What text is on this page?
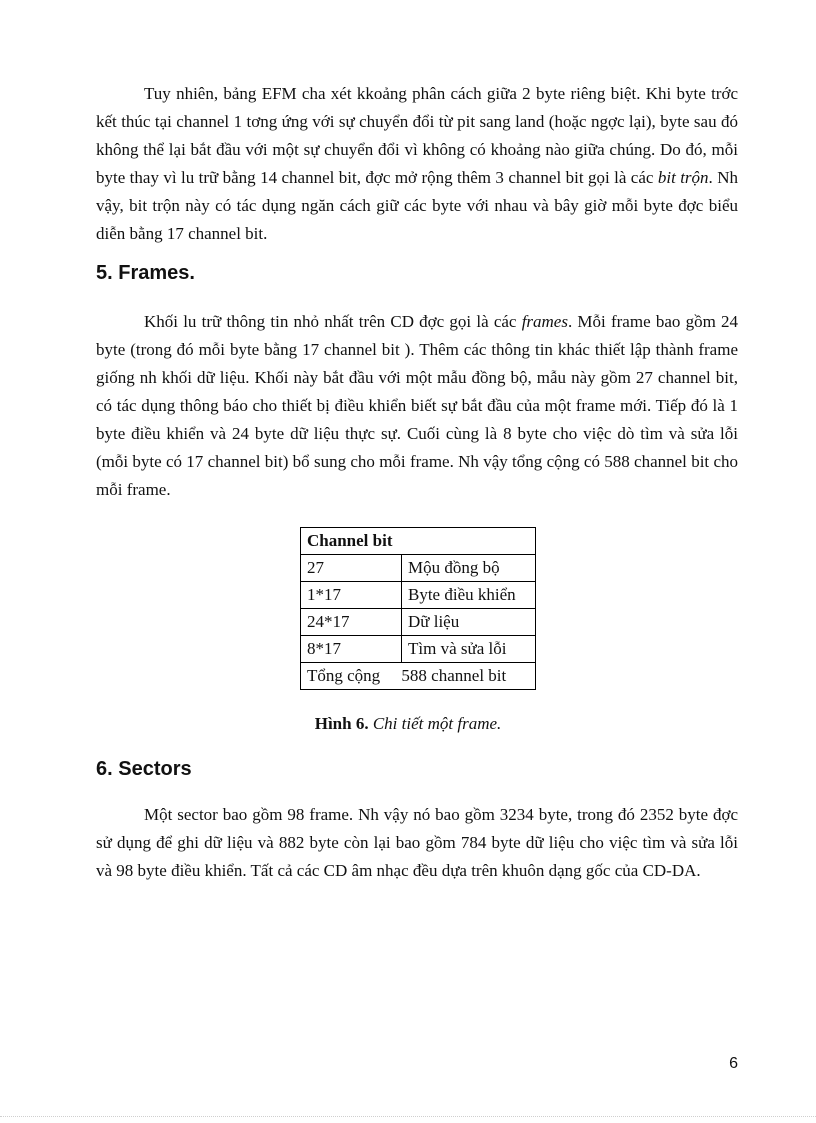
Tuy nhiên, bảng EFM cha xét kkoảng phân cách giữa 2 byte riêng biệt. Khi byte trớc kết thúc tại channel 1 tơng ứng với sự chuyển đổi từ pit sang land (hoặc ngợc lại), byte sau đó không thể lại bắt đầu với một sự chuyển đổi vì không có khoảng nào giữa chúng. Do đó, mỗi byte thay vì lu trữ bằng 14 channel bit, đợc mở rộng thêm 3 channel bit gọi là các bit trộn. Nh vậy, bit trộn này có tác dụng ngăn cách giữ các byte với nhau và bây giờ mỗi byte đợc biểu diễn bằng 17 channel bit.

5. Frames.

Khối lu trữ thông tin nhỏ nhất trên CD đợc gọi là các frames. Mỗi frame bao gồm 24 byte (trong đó mỗi byte bằng 17 channel bit ). Thêm các thông tin khác thiết lập thành frame giống nh khối dữ liệu. Khối này bắt đầu với một mẫu đồng bộ, mẫu này gồm 27 channel bit, có tác dụng thông báo cho thiết bị điều khiển biết sự bắt đầu của một frame mới. Tiếp đó là 1 byte điều khiển và 24 byte dữ liệu thực sự. Cuối cùng là 8 byte cho việc dò tìm và sửa lỗi (mỗi byte có 17 channel bit) bổ sung cho mỗi frame. Nh vậy tổng cộng có 588 channel bit cho mỗi frame.

Channel bit	
27	Mộu đồng bộ
1*17	Byte điều khiển
24*17	Dữ liệu
8*17	Tìm và sửa lỗi
Tổng cộng     588 channel bit	

Hình 6. Chi tiết một frame.

6. Sectors

Một sector bao gồm 98 frame. Nh vậy nó bao gồm 3234 byte, trong đó 2352 byte đợc sử dụng để ghi dữ liệu và 882 byte còn lại bao gồm 784 byte dữ liệu cho việc tìm và sửa lỗi và 98 byte điều khiển. Tất cả các CD âm nhạc đều dựa trên khuôn dạng gốc của CD-DA.

6
